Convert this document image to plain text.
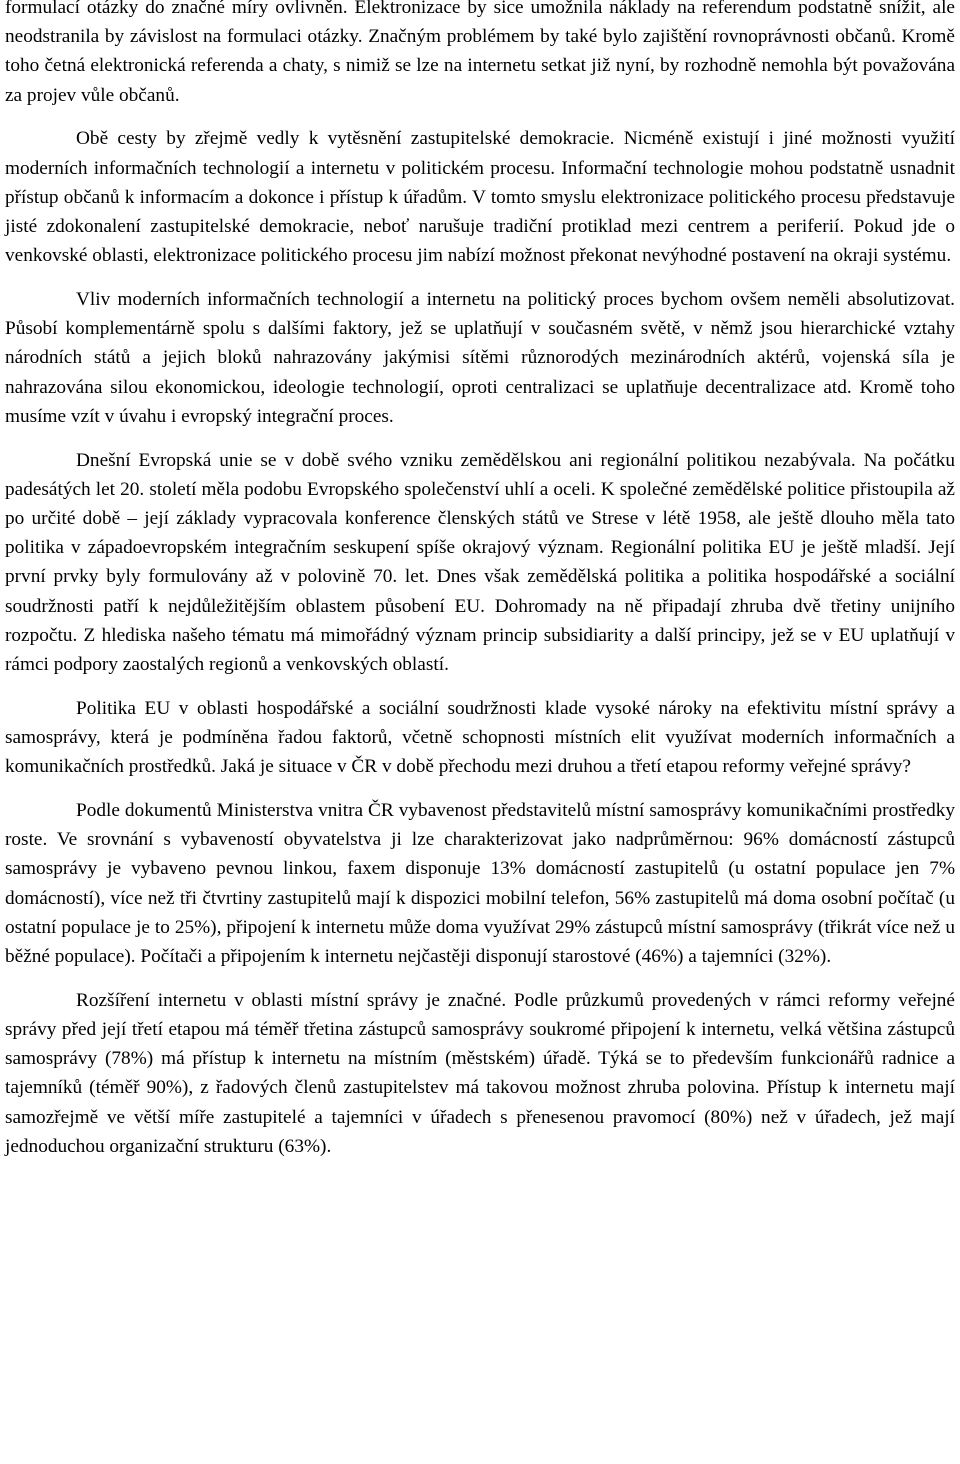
formulací otázky do značné míry ovlivněn. Elektronizace by sice umožnila náklady na referendum podstatně snížit, ale neodstranila by závislost na formulaci otázky. Značným problémem by také bylo zajištění rovnoprávnosti občanů. Kromě toho četná elektronická referenda a chaty, s nimiž se lze na internetu setkat již nyní, by rozhodně nemohla být považována za projev vůle občanů.

Obě cesty by zřejmě vedly k vytěsnění zastupitelské demokracie. Nicméně existují i jiné možnosti využití moderních informačních technologií a internetu v politickém procesu. Informační technologie mohou podstatně usnadnit přístup občanů k informacím a dokonce i přístup k úřadům. V tomto smyslu elektronizace politického procesu představuje jisté zdokonalení zastupitelské demokracie, neboť narušuje tradiční protiklad mezi centrem a periferií. Pokud jde o venkovské oblasti, elektronizace politického procesu jim nabízí možnost překonat nevýhodné postavení na okraji systému.

Vliv moderních informačních technologií a internetu na politický proces bychom ovšem neměli absolutizovat. Působí komplementárně spolu s dalšími faktory, jež se uplatňují v současném světě, v němž jsou hierarchické vztahy národních států a jejich bloků nahrazovány jakýmisi sítěmi různorodých mezinárodních aktérů, vojenská síla je nahrazována silou ekonomickou, ideologie technologií, oproti centralizaci se uplatňuje decentralizace atd. Kromě toho musíme vzít v úvahu i evropský integrační proces.

Dnešní Evropská unie se v době svého vzniku zemědělskou ani regionální politikou nezabývala. Na počátku padesátých let 20. století měla podobu Evropského společenství uhlí a oceli. K společné zemědělské politice přistoupila až po určité době – její základy vypracovala konference členských států ve Strese v létě 1958, ale ještě dlouho měla tato politika v západoevropském integračním seskupení spíše okrajový význam. Regionální politika EU je ještě mladší. Její první prvky byly formulovány až v polovině 70. let. Dnes však zemědělská politika a politika hospodářské a sociální soudržnosti patří k nejdůležitějším oblastem působení EU. Dohromady na ně připadají zhruba dvě třetiny unijního rozpočtu. Z hlediska našeho tématu má mimořádný význam princip subsidiarity a další principy, jež se v EU uplatňují v rámci podpory zaostalých regionů a venkovských oblastí.

Politika EU v oblasti hospodářské a sociální soudržnosti klade vysoké nároky na efektivitu místní správy a samosprávy, která je podmíněna řadou faktorů, včetně schopnosti místních elit využívat moderních informačních a komunikačních prostředků. Jaká je situace v ČR v době přechodu mezi druhou a třetí etapou reformy veřejné správy?

Podle dokumentů Ministerstva vnitra ČR vybavenost představitelů místní samosprávy komunikačními prostředky roste. Ve srovnání s vybaveností obyvatelstva ji lze charakterizovat jako nadprůměrnou: 96% domácností zástupců samosprávy je vybaveno pevnou linkou, faxem disponuje 13% domácností zastupitelů (u ostatní populace jen 7% domácností), více než tři čtvrtiny zastupitelů mají k dispozici mobilní telefon, 56% zastupitelů má doma osobní počítač (u ostatní populace je to 25%), připojení k internetu může doma využívat 29% zástupců místní samosprávy (třikrát více než u běžné populace). Počítači a připojením k internetu nejčastěji disponují starostové (46%) a tajemníci (32%).

Rozšíření internetu v oblasti místní správy je značné. Podle průzkumů provedených v rámci reformy veřejné správy před její třetí etapou má téměř třetina zástupců samosprávy soukromé připojení k internetu, velká většina zástupců samosprávy (78%) má přístup k internetu na místním (městském) úřadě. Týká se to především funkcionářů radnice a tajemníků (téměř 90%), z řadových členů zastupitelstev má takovou možnost zhruba polovina. Přístup k internetu mají samozřejmě ve větší míře zastupitelé a tajemníci v úřadech s přenesenou pravomocí (80%) než v úřadech, jež mají jednoduchou organizační strukturu (63%).
